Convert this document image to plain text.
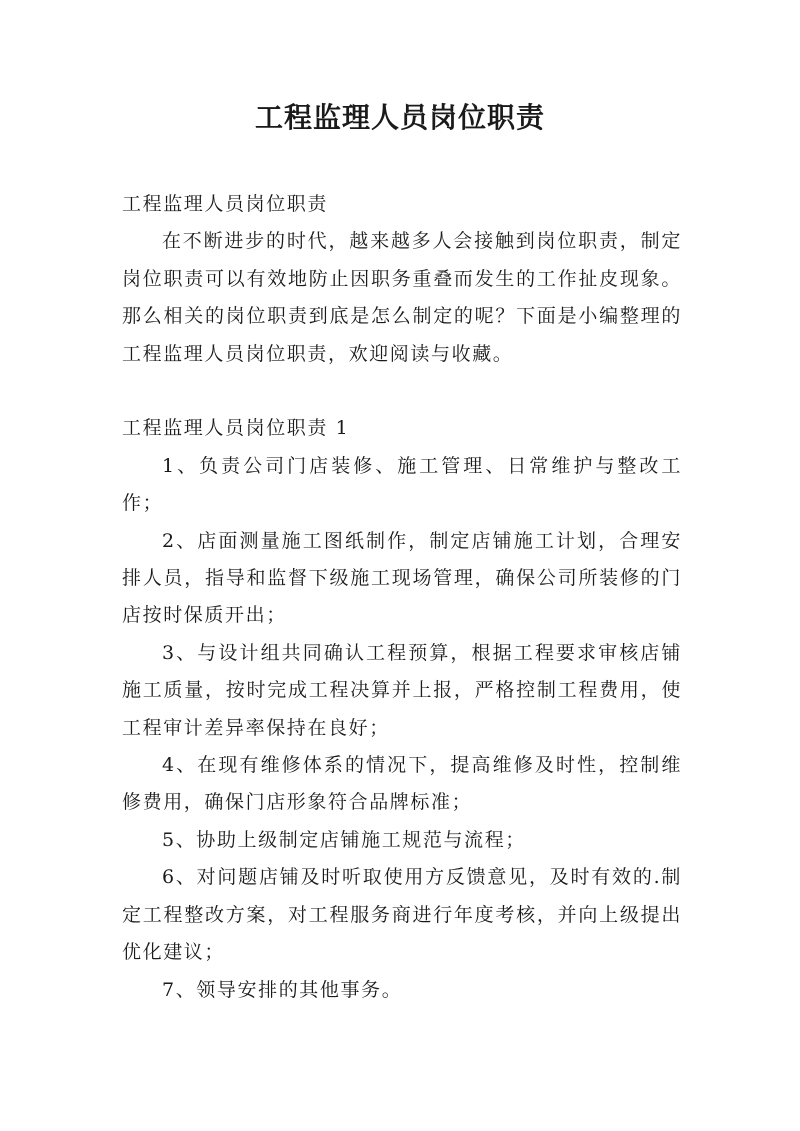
工程监理人员岗位职责

工程监理人员岗位职责

在不断进步的时代，越来越多人会接触到岗位职责，制定岗位职责可以有效地防止因职务重叠而发生的工作扯皮现象。那么相关的岗位职责到底是怎么制定的呢？下面是小编整理的工程监理人员岗位职责，欢迎阅读与收藏。

工程监理人员岗位职责 1

1、负责公司门店装修、施工管理、日常维护与整改工作；

2、店面测量施工图纸制作，制定店铺施工计划，合理安排人员，指导和监督下级施工现场管理，确保公司所装修的门店按时保质开出；

3、与设计组共同确认工程预算，根据工程要求审核店铺施工质量，按时完成工程决算并上报，严格控制工程费用，使工程审计差异率保持在良好；

4、在现有维修体系的情况下，提高维修及时性，控制维修费用，确保门店形象符合品牌标准；

5、协助上级制定店铺施工规范与流程；

6、对问题店铺及时听取使用方反馈意见，及时有效的.制定工程整改方案，对工程服务商进行年度考核，并向上级提出优化建议；

7、领导安排的其他事务。
